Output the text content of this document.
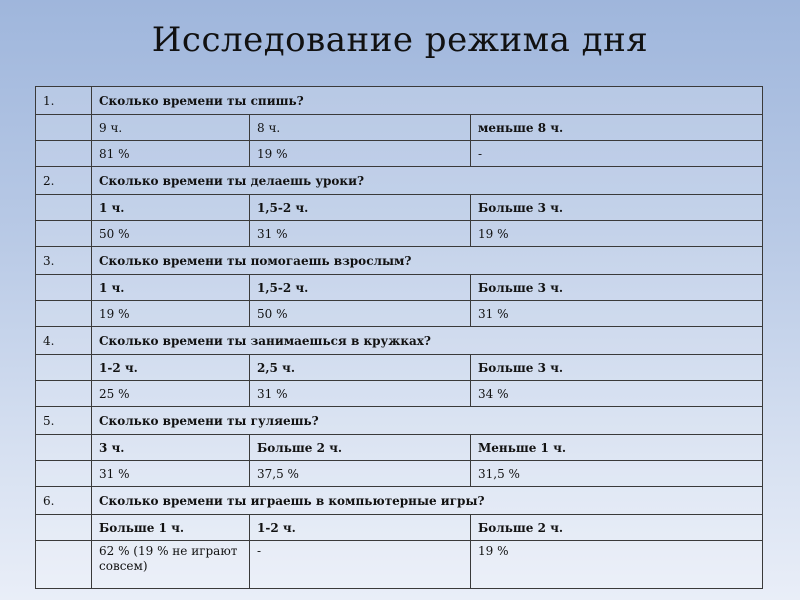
Исследование режима дня
1.	Сколько времени ты спишь?		
	9 ч.	8 ч.	меньше 8 ч.
	81 %	19 %	-
2.	Сколько времени ты делаешь уроки?		
	1 ч.	1,5-2 ч.	Больше 3 ч.
	50 %	31 %	19 %
3.	Сколько времени ты помогаешь взрослым?		
	1 ч.	1,5-2 ч.	Больше 3 ч.
	19 %	50 %	31 %
4.	Сколько времени ты занимаешься в кружках?		
	1-2 ч.	2,5 ч.	Больше 3 ч.
	25 %	31 %	34 %
5.	Сколько времени ты гуляешь?		
	3 ч.	Больше 2 ч.	Меньше 1 ч.
	31 %	37,5 %	31,5 %
6.	Сколько времени ты играешь в компьютерные игры?		
	Больше 1 ч.	1-2 ч.	Больше 2 ч.
	62 % (19 % не играют совсем)	-	19 %
